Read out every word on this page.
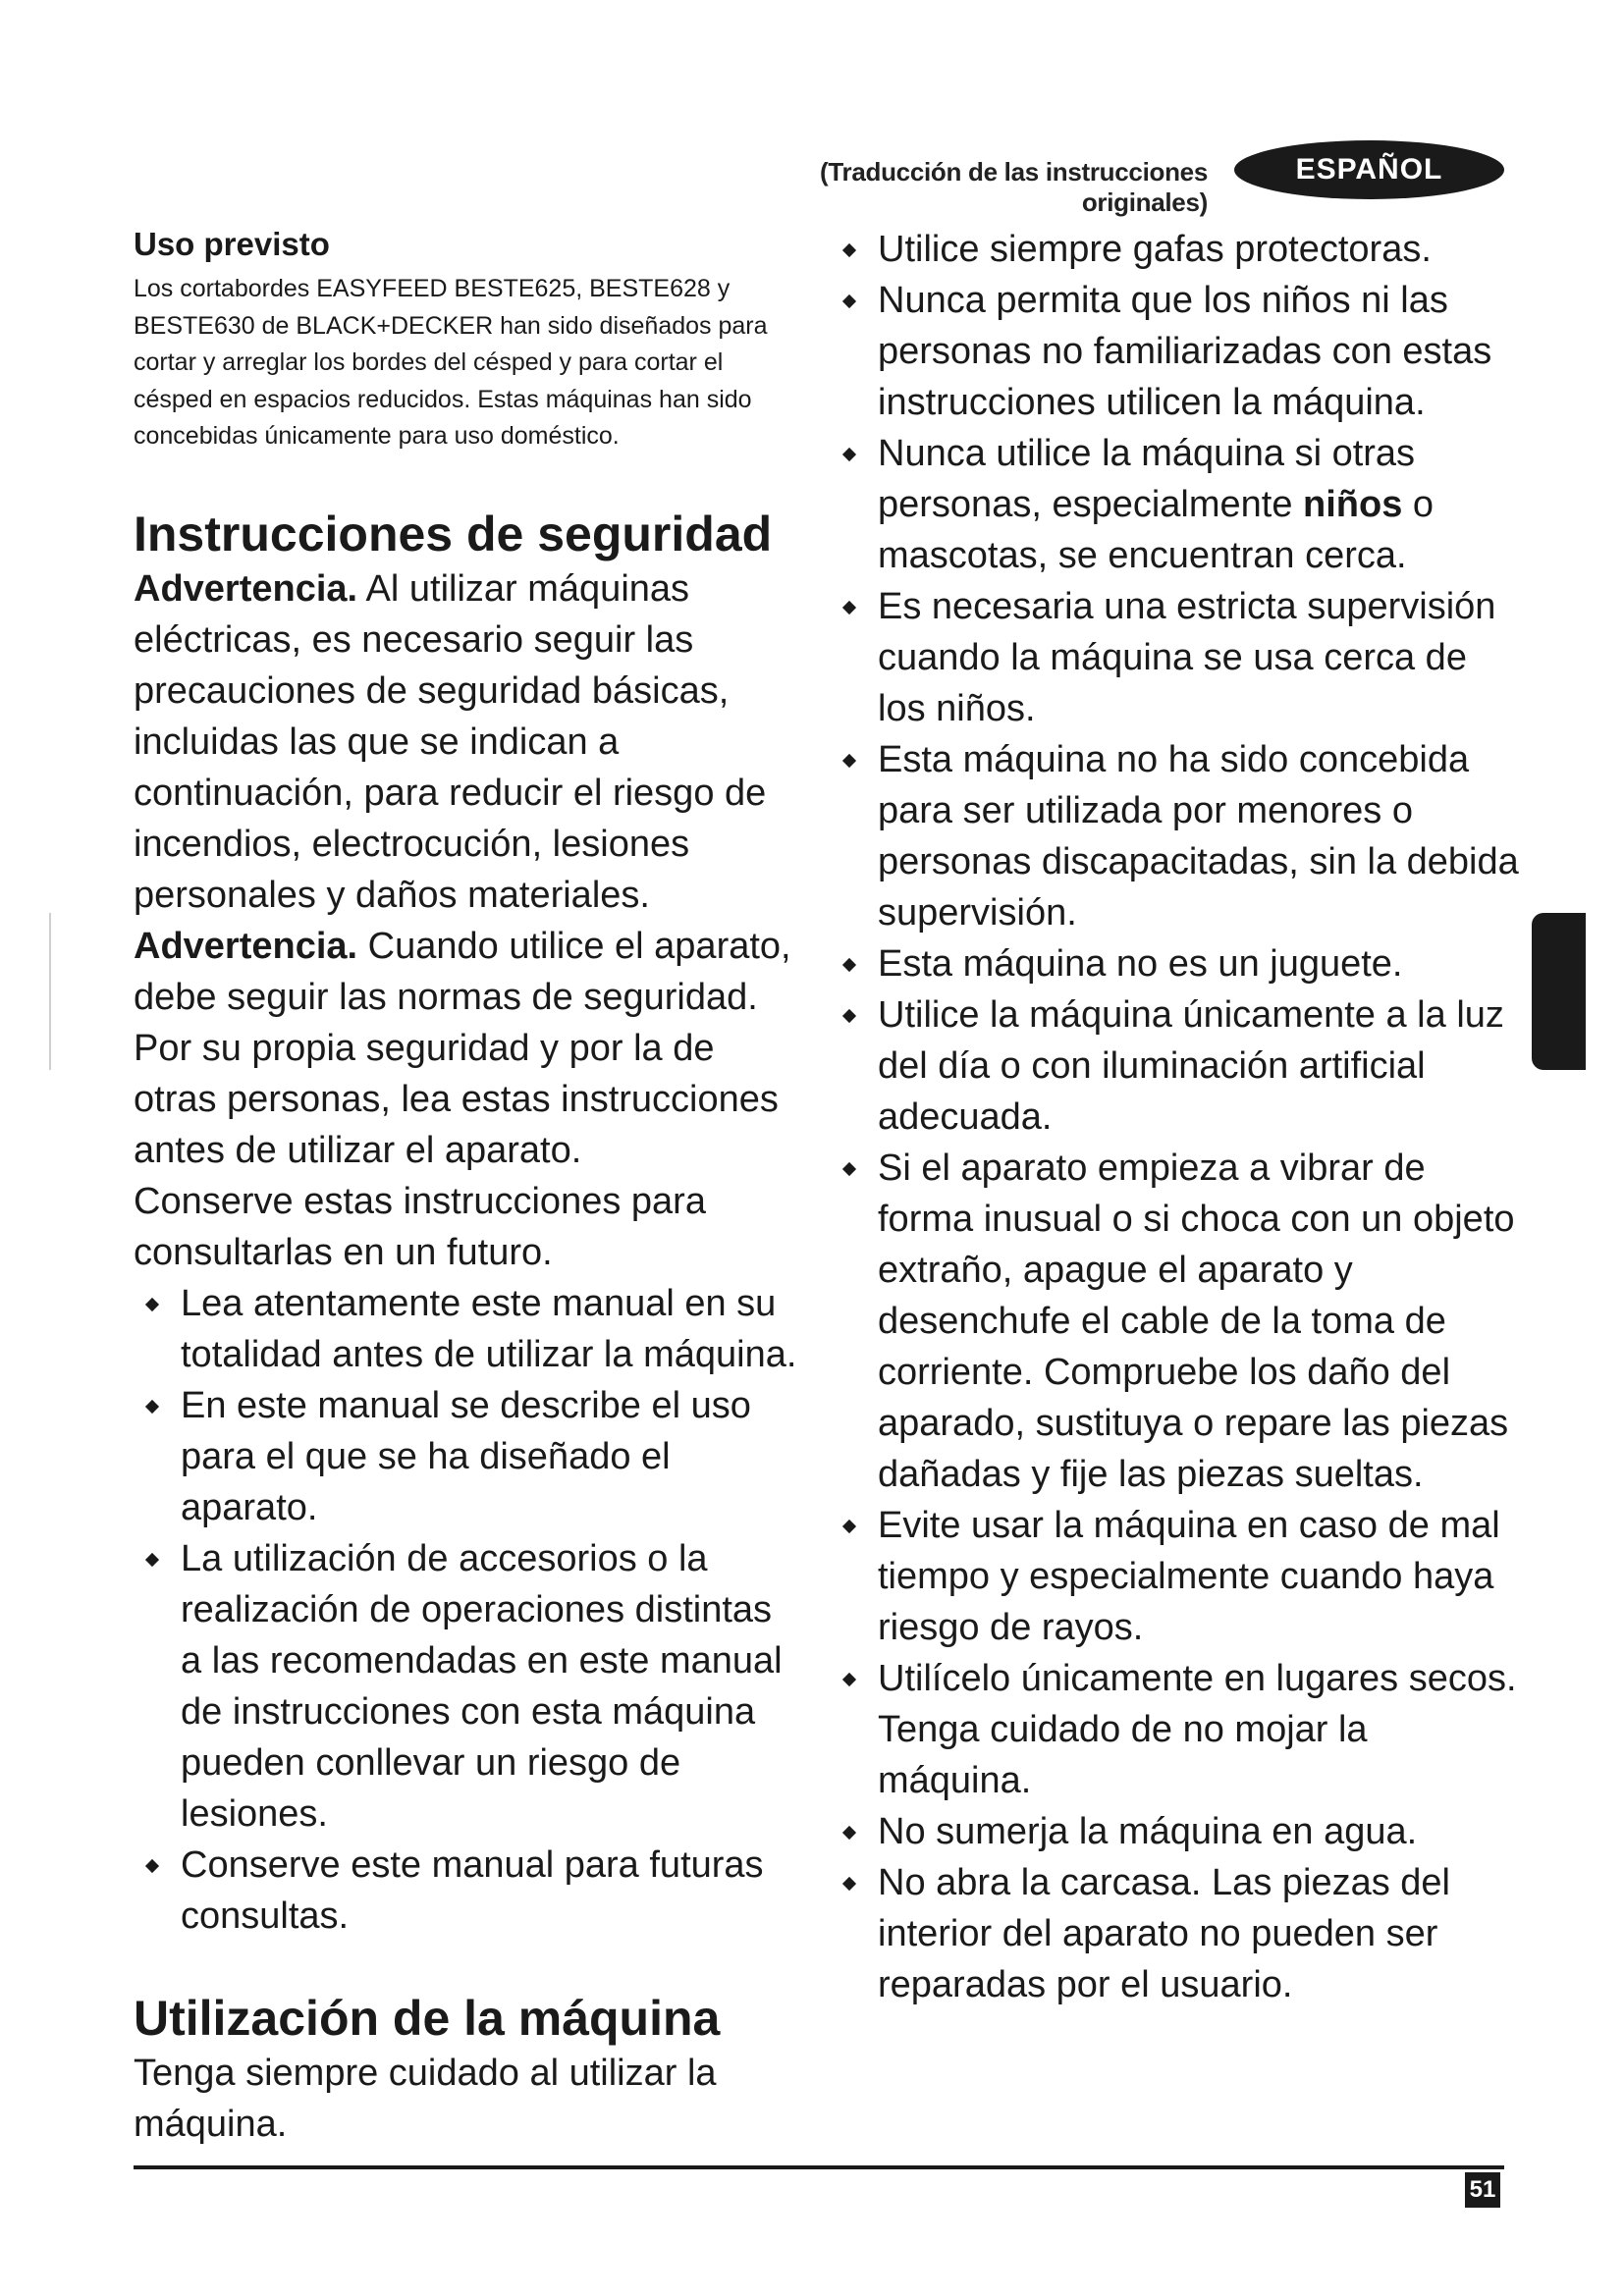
(Traducción de las instrucciones originales)
ESPAÑOL
Uso previsto

Los cortabordes EASYFEED BESTE625, BESTE628 y BESTE630 de BLACK+DECKER han sido diseñados para cortar y arreglar los bordes del césped y para cortar el césped en espacios reducidos. Estas máquinas han sido concebidas únicamente para uso doméstico.

Instrucciones de seguridad

Advertencia. Al utilizar máquinas eléctricas, es necesario seguir las precauciones de seguridad básicas, incluidas las que se indican a continuación, para reducir el riesgo de incendios, electrocución, lesiones personales y daños materiales.

Advertencia. Cuando utilice el aparato, debe seguir las normas de seguridad. Por su propia seguridad y por la de otras personas, lea estas instrucciones antes de utilizar el aparato.

Conserve estas instrucciones para consultarlas en un futuro.

Lea atentamente este manual en su totalidad antes de utilizar la máquina.
En este manual se describe el uso para el que se ha diseñado el aparato.
La utilización de accesorios o la realización de operaciones distintas a las recomendadas en este manual de instrucciones con esta máquina pueden conllevar un riesgo de lesiones.
Conserve este manual para futuras consultas.
Utilización de la máquina

Tenga siempre cuidado al utilizar la máquina.

Utilice siempre gafas protectoras.
Nunca permita que los niños ni las personas no familiarizadas con estas instrucciones utilicen la máquina.
Nunca utilice la máquina si otras personas, especialmente niños o mascotas, se encuentran cerca.
Es necesaria una estricta supervisión cuando la máquina se usa cerca de los niños.
Esta máquina no ha sido concebida para ser utilizada por menores o personas discapacitadas, sin la debida supervisión.
Esta máquina no es un juguete.
Utilice la máquina únicamente a la luz del día o con iluminación artificial adecuada.
Si el aparato empieza a vibrar de forma inusual o si choca con un objeto extraño, apague el aparato y desenchufe el cable de la toma de corriente. Compruebe los daño del aparado, sustituya o repare las piezas dañadas y fije las piezas sueltas.
Evite usar la máquina en caso de mal tiempo y especialmente cuando haya riesgo de rayos.
Utilícelo únicamente en lugares secos. Tenga cuidado de no mojar la máquina.
No sumerja la máquina en agua.
No abra la carcasa. Las piezas del interior del aparato no pueden ser reparadas por el usuario.
51
